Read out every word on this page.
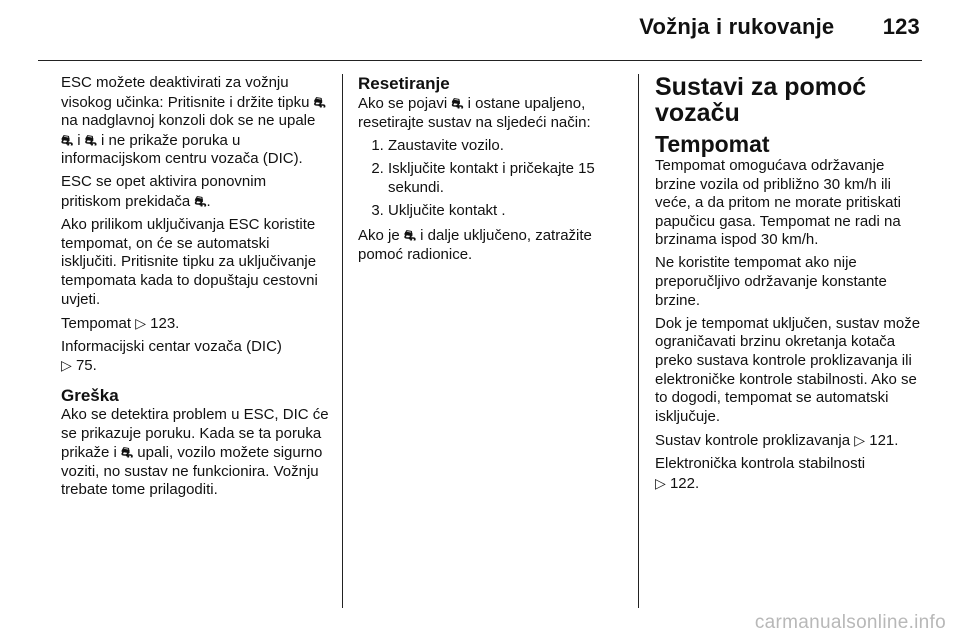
Vožnja i rukovanje 123

ESC možete deaktivirati za vožnju visokog učinka: Pritisnite i držite tipku ⛐ na nadglavnoj konzoli dok se ne upale ⛐ i ⛐ i ne prikaže poruka u informacijskom centru vozača (DIC).

ESC se opet aktivira ponovnim pritiskom prekidača ⛐.

Ako prilikom uključivanja ESC koristite tempomat, on će se automatski isključiti. Pritisnite tipku za uključivanje tempomata kada to dopuštaju cestovni uvjeti.

Tempomat ▷ 123.

Informacijski centar vozača (DIC)
▷ 75.

Greška

Ako se detektira problem u ESC, DIC će se prikazuje poruku. Kada se ta poruka prikaže i ⛐ upali, vozilo možete sigurno voziti, no sustav ne funkcionira. Vožnju trebate tome prilagoditi.

Resetiranje

Ako se pojavi ⛐ i ostane upaljeno, resetirajte sustav na sljedeći način:

1. Zaustavite vozilo.
2. Isključite kontakt i pričekajte 15 sekundi.
3. Uključite kontakt .

Ako je ⛐ i dalje uključeno, zatražite pomoć radionice.

Sustavi za pomoć vozaču
Tempomat

Tempomat omogućava održavanje brzine vozila od približno 30 km/h ili veće, a da pritom ne morate pritiskati papučicu gasa. Tempomat ne radi na brzinama ispod 30 km/h.

Ne koristite tempomat ako nije preporučljivo održavanje konstante brzine.

Dok je tempomat uključen, sustav može ograničavati brzinu okretanja kotača preko sustava kontrole proklizavanja ili elektroničke kontrole stabilnosti. Ako se to dogodi, tempomat se automatski isključuje.

Sustav kontrole proklizavanja ▷ 121.

Elektronička kontrola stabilnosti
▷ 122.

carmanualsonline.info
